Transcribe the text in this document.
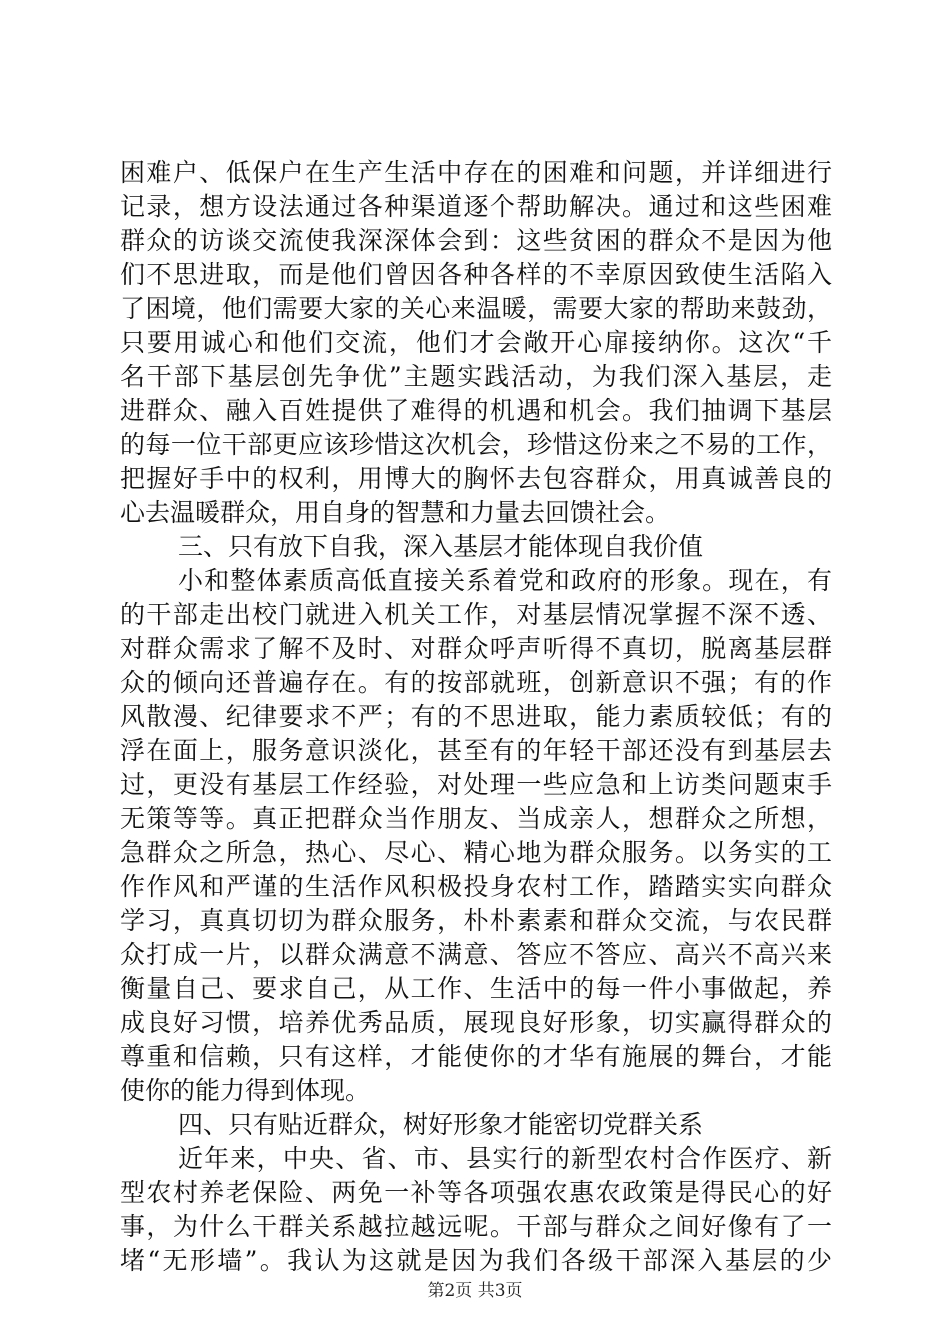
困难户、低保户在生产生活中存在的困难和问题，并详细进行
记录，想方设法通过各种渠道逐个帮助解决。通过和这些困难
群众的访谈交流使我深深体会到：这些贫困的群众不是因为他
们不思进取，而是他们曾因各种各样的不幸原因致使生活陷入
了困境，他们需要大家的关心来温暖，需要大家的帮助来鼓劲，
只要用诚心和他们交流，他们才会敞开心扉接纳你。这次“千
名干部下基层创先争优”主题实践活动，为我们深入基层，走
进群众、融入百姓提供了难得的机遇和机会。我们抽调下基层
的每一位干部更应该珍惜这次机会，珍惜这份来之不易的工作，
把握好手中的权利，用博大的胸怀去包容群众，用真诚善良的
心去温暖群众，用自身的智慧和力量去回馈社会。
三、只有放下自我，深入基层才能体现自我价值
小和整体素质高低直接关系着党和政府的形象。现在，有
的干部走出校门就进入机关工作，对基层情况掌握不深不透、
对群众需求了解不及时、对群众呼声听得不真切，脱离基层群
众的倾向还普遍存在。有的按部就班，创新意识不强；有的作
风散漫、纪律要求不严；有的不思进取，能力素质较低；有的
浮在面上，服务意识淡化，甚至有的年轻干部还没有到基层去
过，更没有基层工作经验，对处理一些应急和上访类问题束手
无策等等。真正把群众当作朋友、当成亲人，想群众之所想，
急群众之所急，热心、尽心、精心地为群众服务。以务实的工
作作风和严谨的生活作风积极投身农村工作，踏踏实实向群众
学习，真真切切为群众服务，朴朴素素和群众交流，与农民群
众打成一片，以群众满意不满意、答应不答应、高兴不高兴来
衡量自己、要求自己，从工作、生活中的每一件小事做起，养
成良好习惯，培养优秀品质，展现良好形象，切实赢得群众的
尊重和信赖，只有这样，才能使你的才华有施展的舞台，才能
使你的能力得到体现。
四、只有贴近群众，树好形象才能密切党群关系
近年来，中央、省、市、县实行的新型农村合作医疗、新
型农村养老保险、两免一补等各项强农惠农政策是得民心的好
事，为什么干群关系越拉越远呢。干部与群众之间好像有了一
堵“无形墙”。我认为这就是因为我们各级干部深入基层的少
第2页 共3页
